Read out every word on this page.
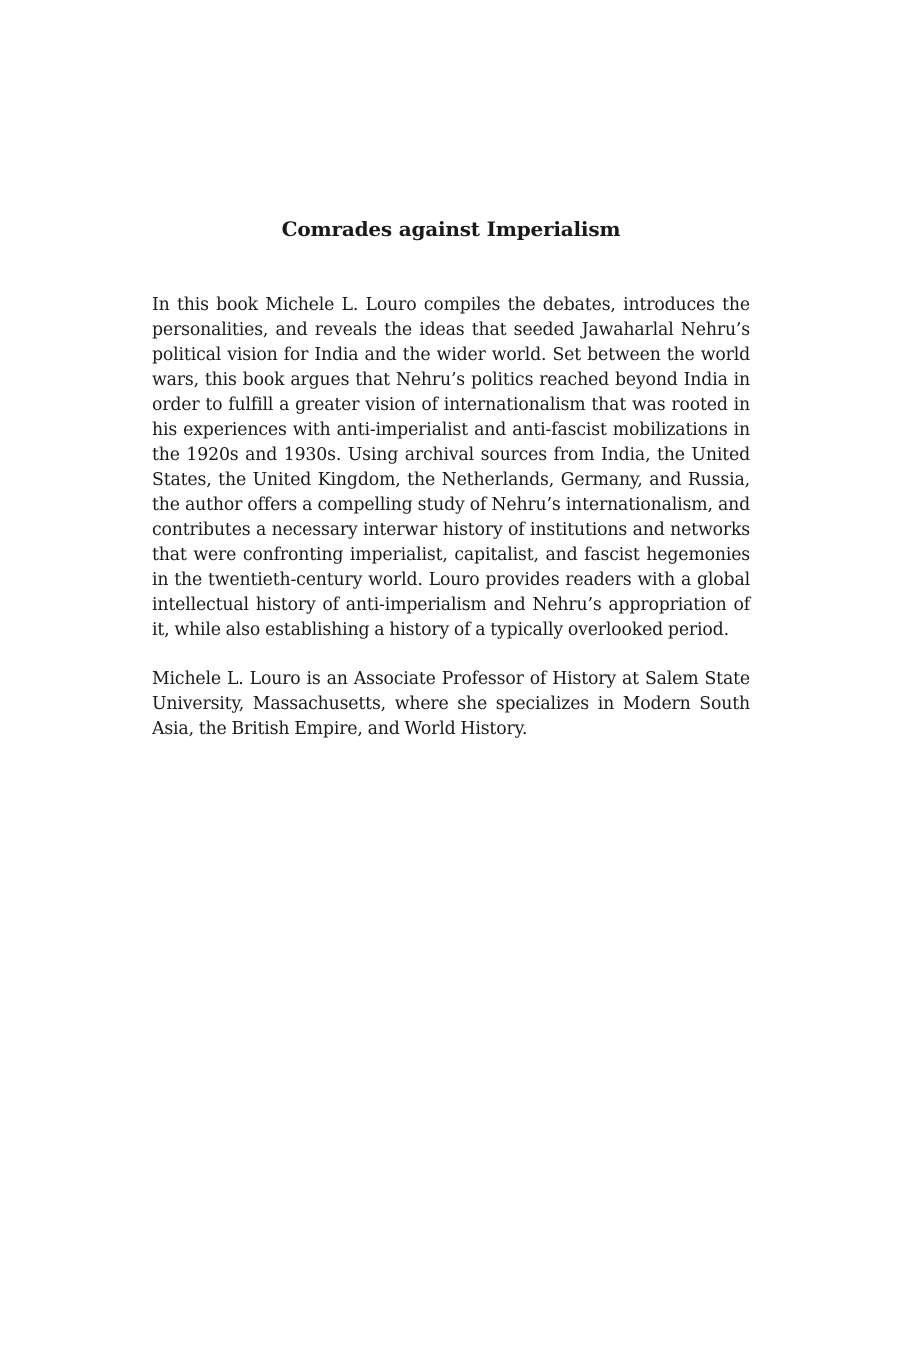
Comrades against Imperialism

In this book Michele L. Louro compiles the debates, introduces the personalities, and reveals the ideas that seeded Jawaharlal Nehru’s political vision for India and the wider world. Set between the world wars, this book argues that Nehru’s politics reached beyond India in order to fulfill a greater vision of internationalism that was rooted in his experiences with anti-imperialist and anti-fascist mobilizations in the 1920s and 1930s. Using archival sources from India, the United States, the United Kingdom, the Netherlands, Germany, and Russia, the author offers a compelling study of Nehru’s internationalism, and contributes a necessary interwar history of institutions and networks that were confronting imperialist, capitalist, and fascist hegemonies in the twentieth-century world. Louro provides readers with a global intellectual history of anti-imperialism and Nehru’s appropriation of it, while also establishing a history of a typically overlooked period.

Michele L. Louro is an Associate Professor of History at Salem State University, Massachusetts, where she specializes in Modern South Asia, the British Empire, and World History.
